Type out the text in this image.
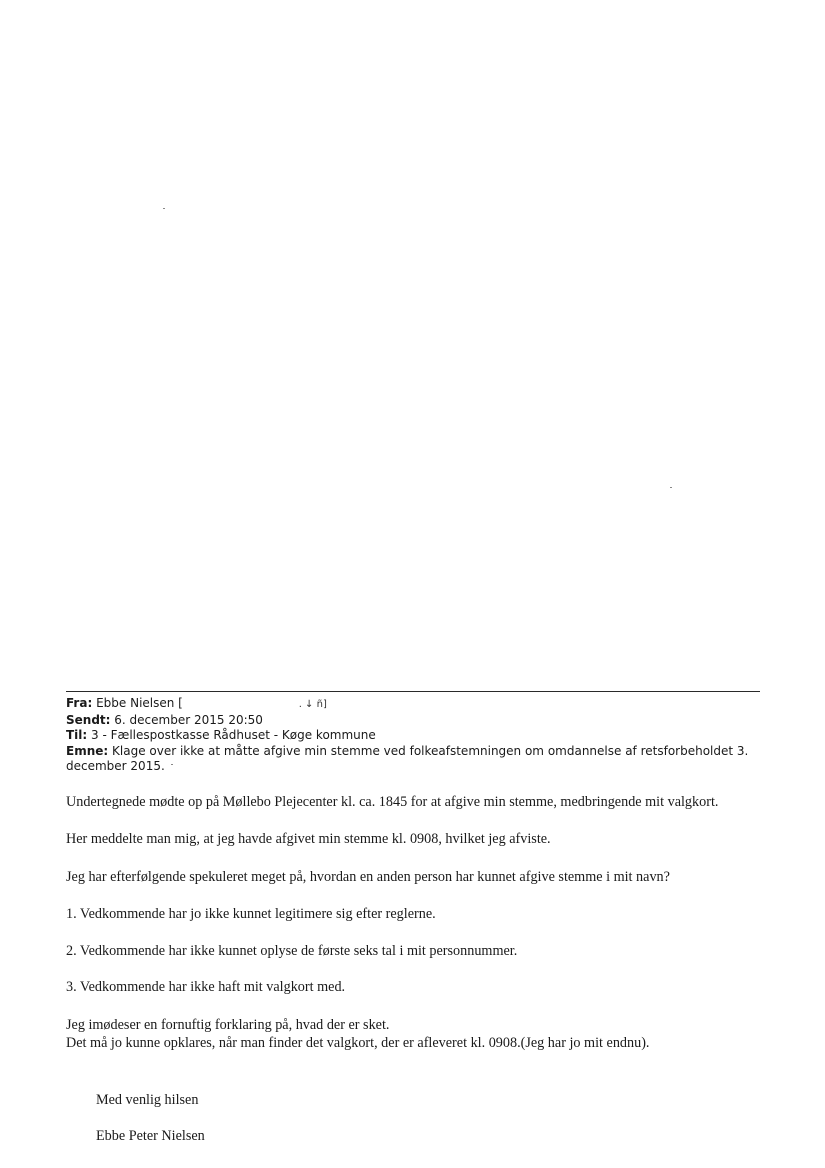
Fra: Ebbe Nielsen [	. ↓ ñ]
Sendt: 6. december 2015 20:50
Til: 3 - Fællespostkasse Rådhuset - Køge kommune
Emne: Klage over ikke at måtte afgive min stemme ved folkeafstemningen om omdannelse af retsforbeholdet 3. december 2015.

Undertegnede mødte op på Møllebo Plejecenter kl. ca. 1845 for at afgive min stemme, medbringende mit valgkort.

Her meddelte man mig, at jeg havde afgivet min stemme kl. 0908, hvilket jeg afviste.

Jeg har efterfølgende spekuleret meget på, hvordan en anden person har kunnet afgive stemme i mit navn?

1. Vedkommende har jo ikke kunnet legitimere sig efter reglerne.

2. Vedkommende har ikke kunnet oplyse de første seks tal i mit personnummer.

3. Vedkommende har ikke haft mit valgkort med.

Jeg imødeser en fornuftig forklaring på, hvad der er sket.

Det må jo kunne opklares, når man finder det valgkort, der er afleveret kl. 0908.(Jeg har jo mit endnu).

Med venlig hilsen

Ebbe Peter Nielsen
